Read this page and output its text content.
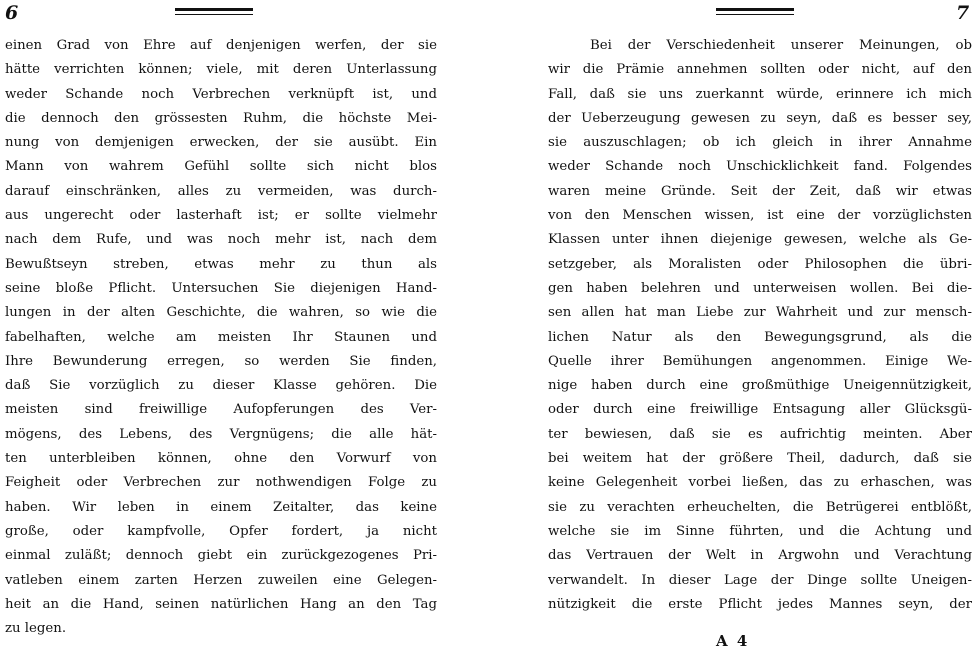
6
einen Grad von Ehre auf denjenigen werfen, der sie
hätte verrichten können; viele, mit deren Unterlassung
weder Schande noch Verbrechen verknüpft ist, und
die dennoch den grössesten Ruhm, die höchste Mei-
nung von demjenigen erwecken, der sie ausübt. Ein
Mann von wahrem Gefühl sollte sich nicht blos
darauf einschränken, alles zu vermeiden, was durch-
aus ungerecht oder lasterhaft ist; er sollte vielmehr
nach dem Rufe, und was noch mehr ist, nach dem
Bewußtseyn streben, etwas mehr zu thun als
seine bloße Pflicht. Untersuchen Sie diejenigen Hand-
lungen in der alten Geschichte, die wahren, so wie die
fabelhaften, welche am meisten Ihr Staunen und
Ihre Bewunderung erregen, so werden Sie finden,
daß Sie vorzüglich zu dieser Klasse gehören. Die
meisten sind freiwillige Aufopferungen des Ver-
mögens, des Lebens, des Vergnügens; die alle hät-
ten unterbleiben können, ohne den Vorwurf von
Feigheit oder Verbrechen zur nothwendigen Folge zu
haben. Wir leben in einem Zeitalter, das keine
große, oder kampfvolle, Opfer fordert, ja nicht
einmal zuläßt; dennoch giebt ein zurückgezogenes Pri-
vatleben einem zarten Herzen zuweilen eine Gelegen-
heit an die Hand, seinen natürlichen Hang an den Tag
zu legen.
7
Bei der Verschiedenheit unserer Meinungen, ob
wir die Prämie annehmen sollten oder nicht, auf den
Fall, daß sie uns zuerkannt würde, erinnere ich mich
der Ueberzeugung gewesen zu seyn, daß es besser sey,
sie auszuschlagen; ob ich gleich in ihrer Annahme
weder Schande noch Unschicklichkeit fand. Folgendes
waren meine Gründe. Seit der Zeit, daß wir etwas
von den Menschen wissen, ist eine der vorzüglichsten
Klassen unter ihnen diejenige gewesen, welche als Ge-
setzgeber, als Moralisten oder Philosophen die übri-
gen haben belehren und unterweisen wollen. Bei die-
sen allen hat man Liebe zur Wahrheit und zur mensch-
lichen Natur als den Bewegungsgrund, als die
Quelle ihrer Bemühungen angenommen. Einige We-
nige haben durch eine großmüthige Uneigennützigkeit,
oder durch eine freiwillige Entsagung aller Glücksgü-
ter bewiesen, daß sie es aufrichtig meinten. Aber
bei weitem hat der größere Theil, dadurch, daß sie
keine Gelegenheit vorbei ließen, das zu erhaschen, was
sie zu verachten erheuchelten, die Betrügerei entblößt,
welche sie im Sinne führten, und die Achtung und
das Vertrauen der Welt in Argwohn und Verachtung
verwandelt. In dieser Lage der Dinge sollte Uneigen-
nützigkeit die erste Pflicht jedes Mannes seyn, der
A 4
